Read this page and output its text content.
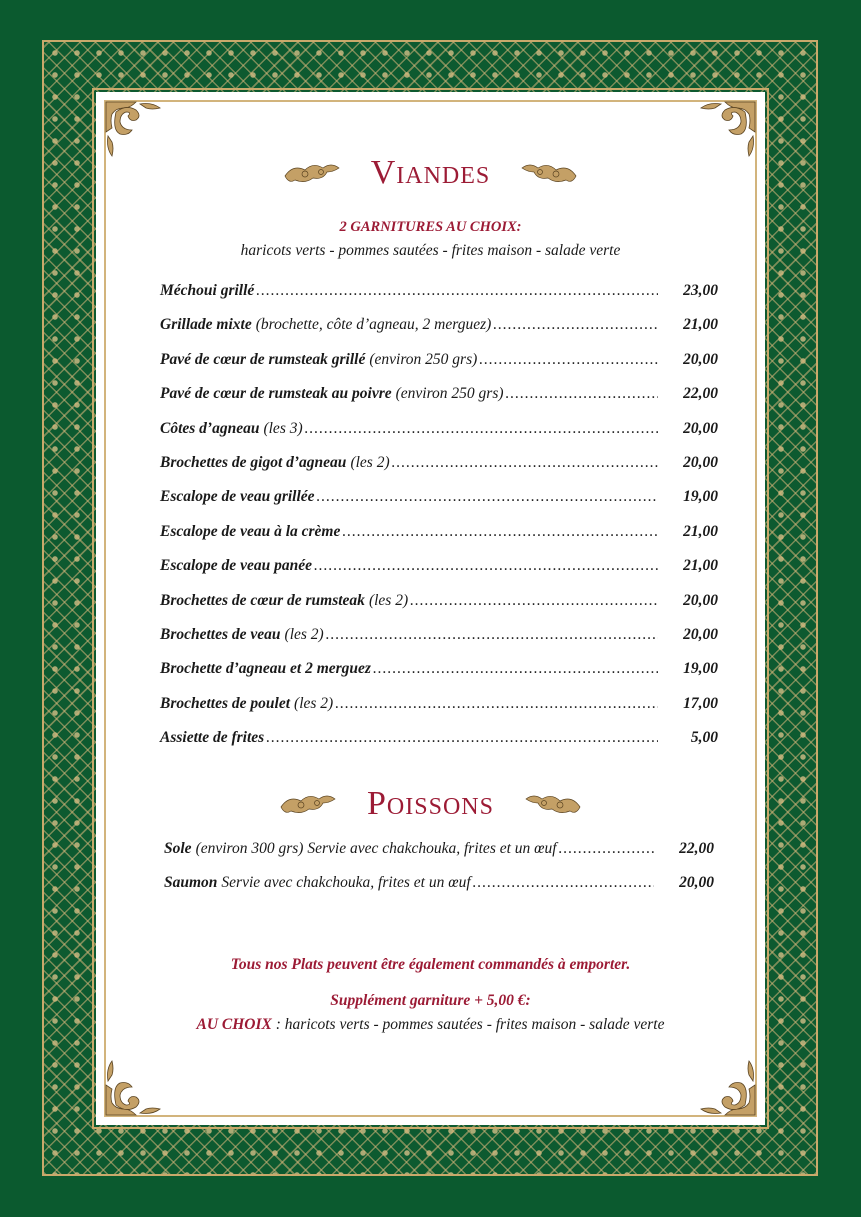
Viandes
2 GARNITURES AU CHOIX:
haricots verts - pommes sautées - frites maison - salade verte
Méchoui grillé .....	23,00
Grillade mixte (brochette, côte d’agneau, 2 merguez) .....	21,00
Pavé de cœur de rumsteak grillé (environ 250 grs) .....	20,00
Pavé de cœur de rumsteak au poivre (environ 250 grs) .....	22,00
Côtes d’agneau (les 3) .....	20,00
Brochettes de gigot d’agneau (les 2) .....	20,00
Escalope de veau grillée .....	19,00
Escalope de veau à la crème .....	21,00
Escalope de veau panée .....	21,00
Brochettes de cœur de rumsteak (les 2) .....	20,00
Brochettes de veau (les 2) .....	20,00
Brochette d’agneau et 2 merguez .....	19,00
Brochettes de poulet (les 2) .....	17,00
Assiette de frites .....	5,00
Poissons
Sole (environ 300 grs) Servie avec chakchouka, frites et un œuf .....	22,00
Saumon Servie avec chakchouka, frites et un œuf .....	20,00
Tous nos Plats peuvent être également commandés à emporter.
Supplément garniture + 5,00 €:
AU CHOIX : haricots verts - pommes sautées - frites maison - salade verte
